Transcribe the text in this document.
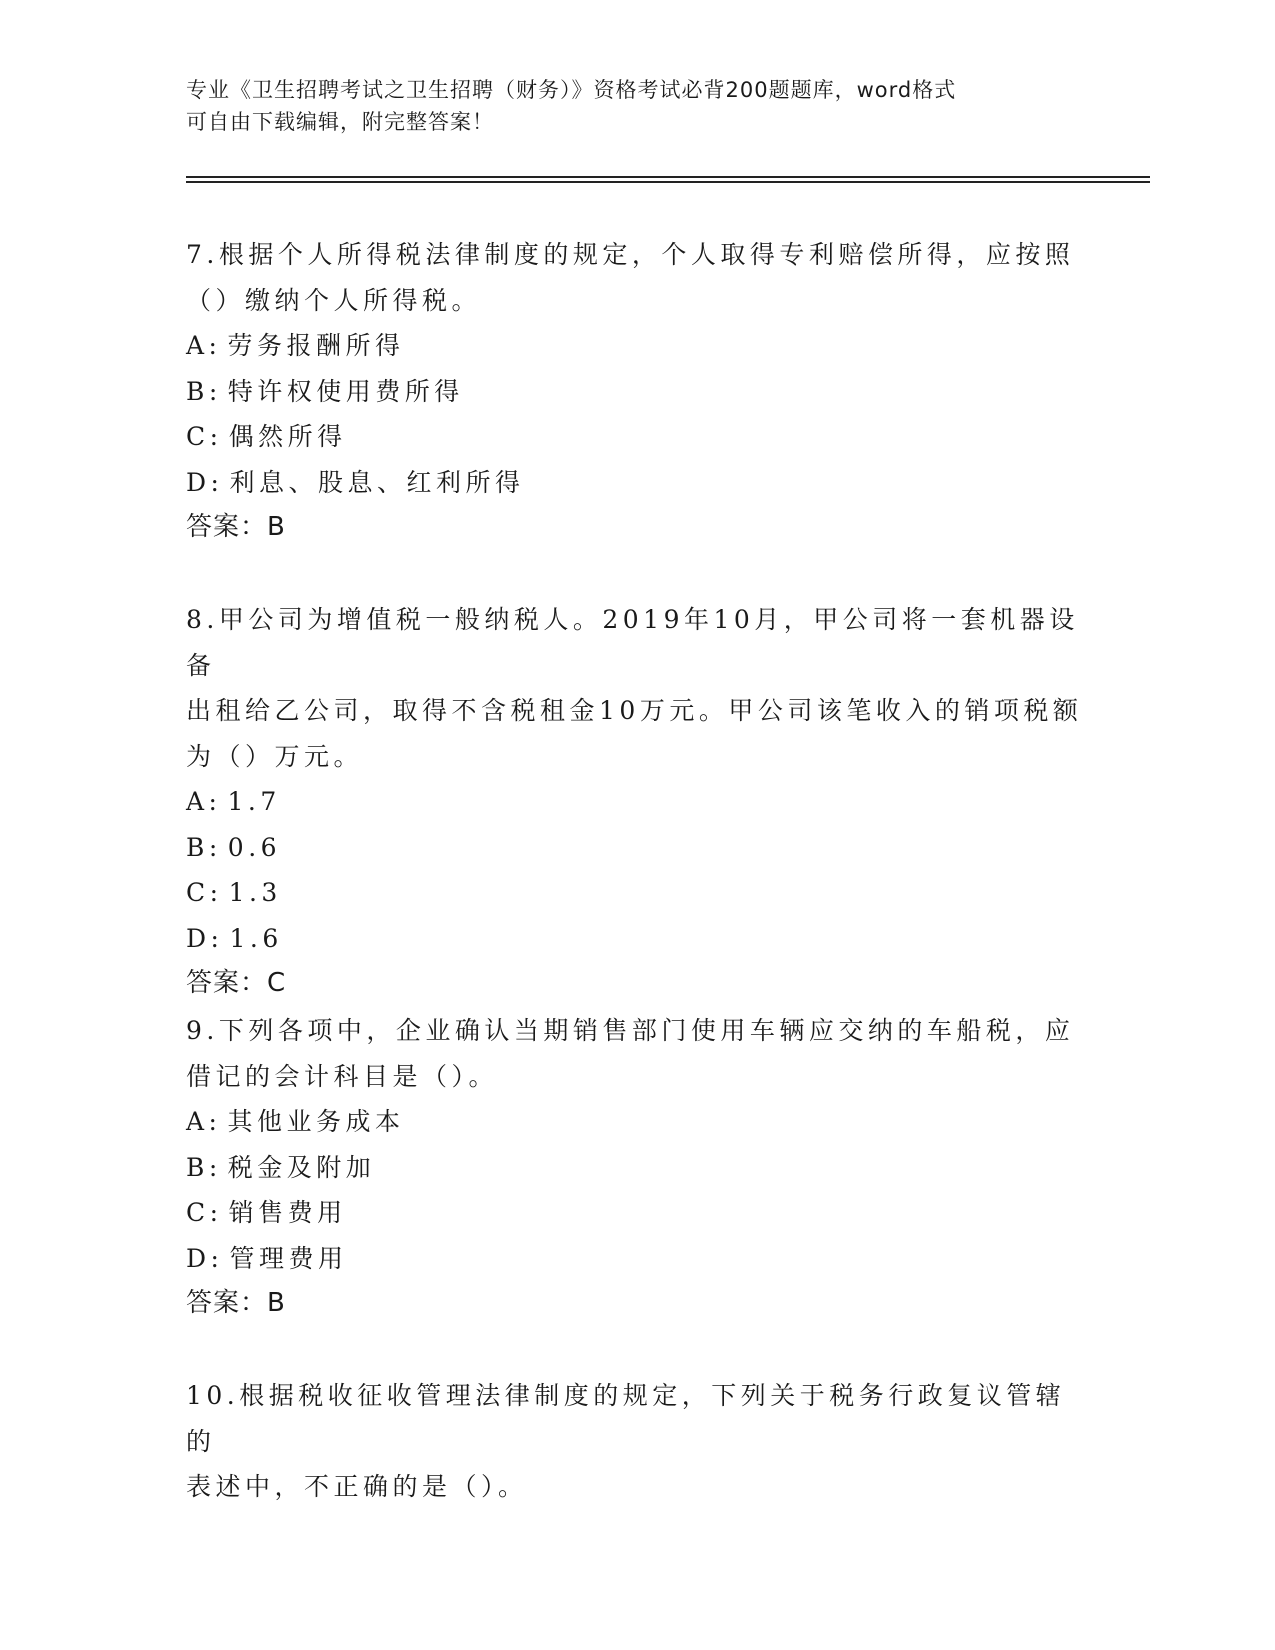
专业《卫生招聘考试之卫生招聘（财务）》资格考试必背200题题库，word格式
可自由下载编辑，附完整答案！
7.根据个人所得税法律制度的规定，个人取得专利赔偿所得，应按照
（）缴纳个人所得税。
A: 劳务报酬所得
B: 特许权使用费所得
C: 偶然所得
D: 利息、股息、红利所得
答案：B
8.甲公司为增值税一般纳税人。2019年10月，甲公司将一套机器设备
出租给乙公司，取得不含税租金10万元。甲公司该笔收入的销项税额
为（）万元。
A: 1.7
B: 0.6
C: 1.3
D: 1.6
答案：C
9.下列各项中，企业确认当期销售部门使用车辆应交纳的车船税，应
借记的会计科目是（）。
A: 其他业务成本
B: 税金及附加
C: 销售费用
D: 管理费用
答案：B
10.根据税收征收管理法律制度的规定，下列关于税务行政复议管辖的
表述中，不正确的是（）。
